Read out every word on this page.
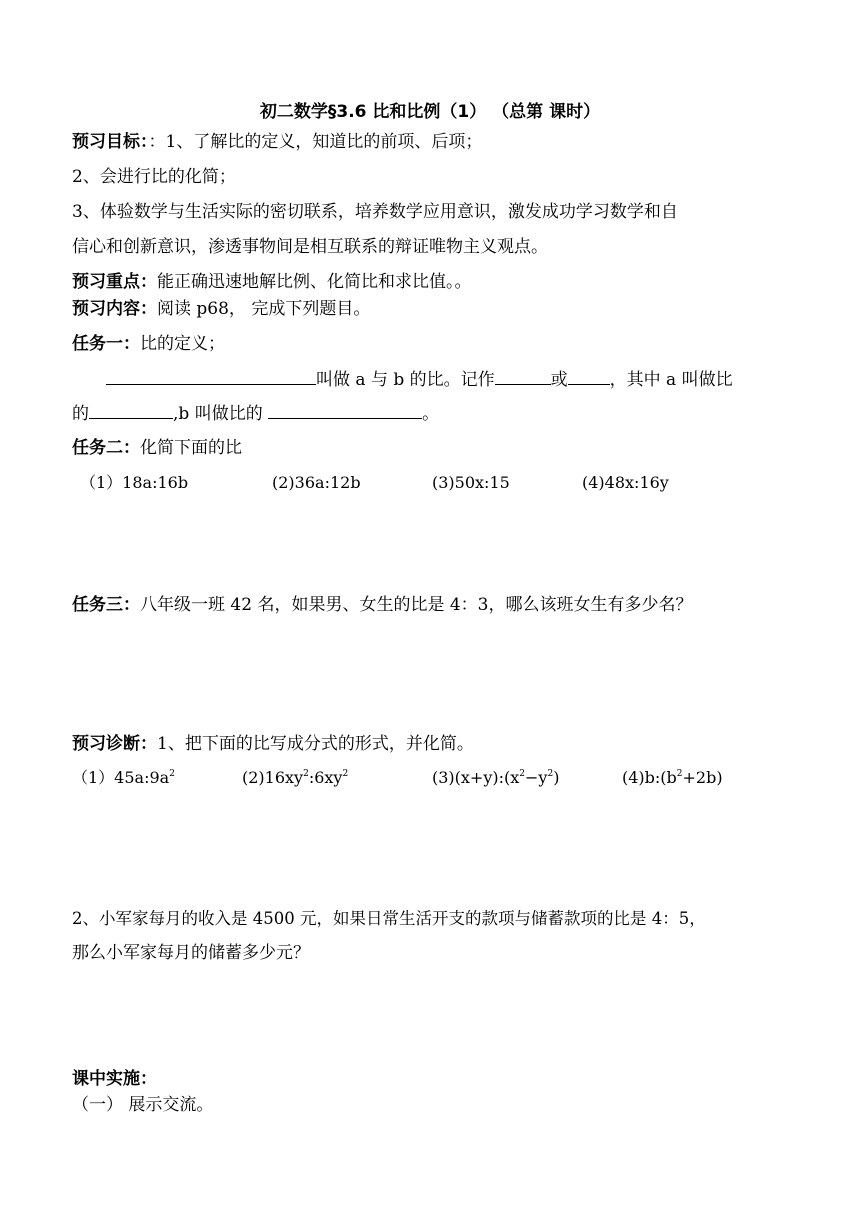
初二数学§3.6 比和比例（1） （总第 课时）
预习目标：：1、了解比的定义，知道比的前项、后项；
2、会进行比的化简；
3、体验数学与生活实际的密切联系，培养数学应用意识，激发成功学习数学和自
信心和创新意识，渗透事物间是相互联系的辩证唯物主义观点。
预习重点：能正确迅速地解比例、化简比和求比值。。
预习内容：阅读 p68， 完成下列题目。
任务一：比的定义；
叫做 a 与 b 的比。记作	或 ，其中 a 叫做比
的	,b 叫做比的	。
任务二：化简下面的比
（1）18a:16b	(2)36a:12b	(3)50x:15	(4)48x:16y
任务三：八年级一班 42 名，如果男、女生的比是 4：3，哪么该班女生有多少名？
预习诊断：1、把下面的比写成分式的形式，并化简。
$(1)45a:9a^2$	$(2)16xy^2:6xy^2$	$(3)(x+y):(x^2-y^2)$	$(4)b:(b^2+2b)$
2、小军家每月的收入是 4500 元，如果日常生活开支的款项与储蓄款项的比是 4：5，
那么小军家每月的储蓄多少元？
课中实施：
（一） 展示交流。
